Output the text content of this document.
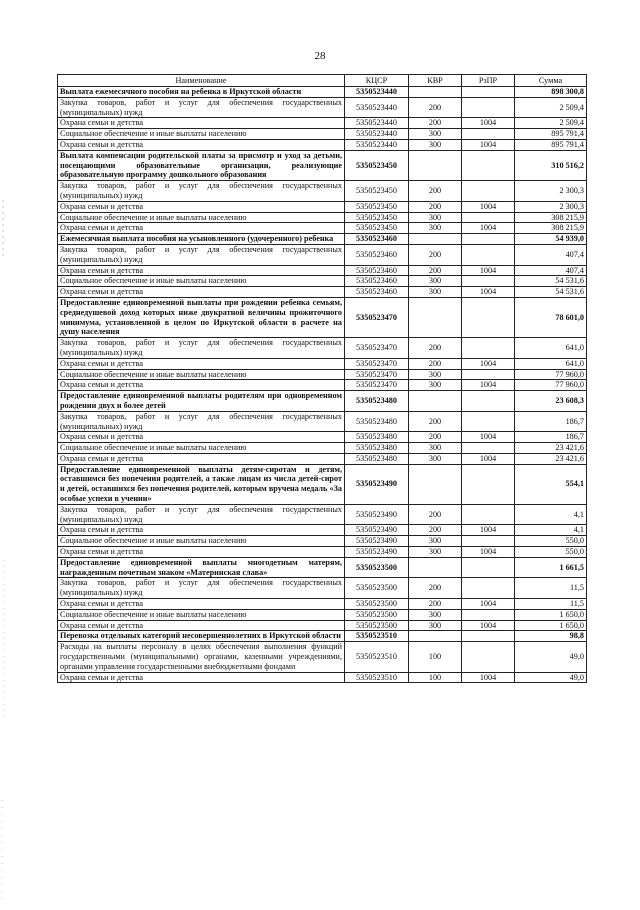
28
Наименование	КЦСР	КВР	РзПР	Сумма
Выплата ежемесячного пособия на ребенка в Иркутской области	5350523440			898 300,8
Закупка товаров, работ и услуг для обеспечения государственных (муниципальных) нужд	5350523440	200		2 509,4
Охрана семьи и детства	5350523440	200	1004	2 509,4
Социальное обеспечение и иные выплаты населению	5350523440	300		895 791,4
Охрана семьи и детства	5350523440	300	1004	895 791,4
Выплата компенсации родительской платы за присмотр и уход за детьми, посещающими образовательные организации, реализующие образовательную программу дошкольного образования	5350523450			310 516,2
Закупка товаров, работ и услуг для обеспечения государственных (муниципальных) нужд	5350523450	200		2 300,3
Охрана семьи и детства	5350523450	200	1004	2 300,3
Социальное обеспечение и иные выплаты населению	5350523450	300		308 215,9
Охрана семьи и детства	5350523450	300	1004	308 215,9
Ежемесячная выплата пособия на усыновленного (удочеренного) ребенка	5350523460			54 939,0
Закупка товаров, работ и услуг для обеспечения государственных (муниципальных) нужд	5350523460	200		407,4
Охрана семьи и детства	5350523460	200	1004	407,4
Социальное обеспечение и иные выплаты населению	5350523460	300		54 531,6
Охрана семьи и детства	5350523460	300	1004	54 531,6
Предоставление единовременной выплаты при рождении ребенка семьям, среднедушевой доход которых ниже двукратной величины прожиточного минимума, установленной в целом по Иркутской области в расчете на душу населения	5350523470			78 601,0
Закупка товаров, работ и услуг для обеспечения государственных (муниципальных) нужд	5350523470	200		641,0
Охрана семьи и детства	5350523470	200	1004	641,0
Социальное обеспечение и иные выплаты населению	5350523470	300		77 960,0
Охрана семьи и детства	5350523470	300	1004	77 960,0
Предоставление единовременной выплаты родителям при одновременном рождении двух и более детей	5350523480			23 608,3
Закупка товаров, работ и услуг для обеспечения государственных (муниципальных) нужд	5350523480	200		186,7
Охрана семьи и детства	5350523480	200	1004	186,7
Социальное обеспечение и иные выплаты населению	5350523480	300		23 421,6
Охрана семьи и детства	5350523480	300	1004	23 421,6
Предоставление единовременной выплаты детям-сиротам и детям, оставшимся без попечения родителей, а также лицам из числа детей-сирот и детей, оставшихся без попечения родителей, которым вручена медаль «За особые успехи в учении»	5350523490			554,1
Закупка товаров, работ и услуг для обеспечения государственных (муниципальных) нужд	5350523490	200		4,1
Охрана семьи и детства	5350523490	200	1004	4,1
Социальное обеспечение и иные выплаты населению	5350523490	300		550,0
Охрана семьи и детства	5350523490	300	1004	550,0
Предоставление единовременной выплаты многодетным матерям, награжденным почетным знаком «Материнская слава»	5350523500			1 661,5
Закупка товаров, работ и услуг для обеспечения государственных (муниципальных) нужд	5350523500	200		11,5
Охрана семьи и детства	5350523500	200	1004	11,5
Социальное обеспечение и иные выплаты населению	5350523500	300		1 650,0
Охрана семьи и детства	5350523500	300	1004	1 650,0
Перевозка отдельных категорий несовершеннолетних в Иркутской области	5350523510			98,8
Расходы на выплаты персоналу в целях обеспечения выполнения функций государственными (муниципальными) органами, казенными учреждениями, органами управления государственными внебюджетными фондами	5350523510	100		49,0
Охрана семьи и детства	5350523510	100	1004	49,0
